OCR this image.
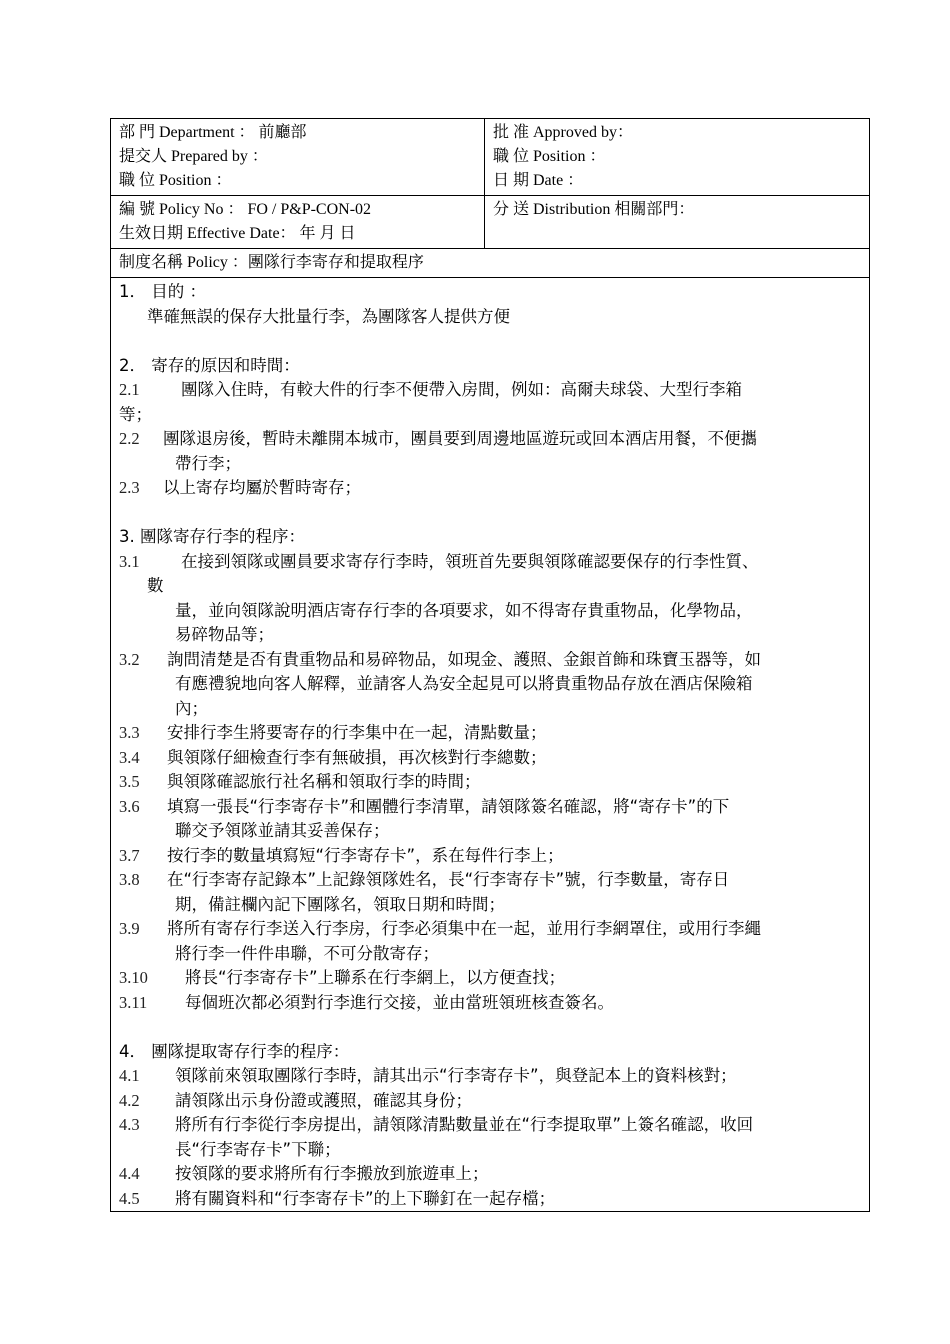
部 門 Department ： 前廳部
提交人 Prepared by ：
職 位 Position ：
批 准 Approved by：
職 位 Position ：
日 期 Date ：
編 號 Policy No ： FO / P&P-CON-02
生效日期 Effective Date： 年 月 日
分 送 Distribution 相關部門：
制度名稱 Policy ：團隊行李寄存和提取程序
1． 目的 ：
準確無誤的保存大批量行李，為團隊客人提供方便
2． 寄存的原因和時間：
2.1	團隊入住時，有較大件的行李不便帶入房間，例如：高爾夫球袋、大型行李箱
等；
2.2 團隊退房後，暫時未離開本城市，團員要到周邊地區遊玩或回本酒店用餐，不便攜
帶行李；
2.3 以上寄存均屬於暫時寄存；
3. 團隊寄存行李的程序：
3.1	在接到領隊或團員要求寄存行李時，領班首先要與領隊確認要保存的行李性質、
數
量，並向領隊說明酒店寄存行李的各項要求，如不得寄存貴重物品，化學物品，
易碎物品等；
3.2 詢問清楚是否有貴重物品和易碎物品，如現金、護照、金銀首飾和珠寶玉器等，如
有應禮貌地向客人解釋，並請客人為安全起見可以將貴重物品存放在酒店保險箱
內；
3.3 安排行李生將要寄存的行李集中在一起，清點數量；
3.4 與領隊仔細檢查行李有無破損，再次核對行李總數；
3.5 與領隊確認旅行社名稱和領取行李的時間；
3.6 填寫一張長“行李寄存卡”和團體行李清單，請領隊簽名確認，將“寄存卡”的下
聯交予領隊並請其妥善保存；
3.7 按行李的數量填寫短“行李寄存卡”，系在每件行李上；
3.8 在“行李寄存記錄本”上記錄領隊姓名，長“行李寄存卡”號，行李數量，寄存日
期，備註欄內記下團隊名，領取日期和時間；
3.9 將所有寄存行李送入行李房，行李必須集中在一起，並用行李網罩住，或用行李繩
將行李一件件串聯，不可分散寄存；
3.10 將長“行李寄存卡”上聯系在行李網上，以方便查找；
3.11 每個班次都必須對行李進行交接，並由當班領班核查簽名。
4． 團隊提取寄存行李的程序：
4.1 領隊前來領取團隊行李時，請其出示“行李寄存卡”，與登記本上的資料核對；
4.2 請領隊出示身份證或護照，確認其身份；
4.3 將所有行李從行李房提出，請領隊清點數量並在“行李提取單”上簽名確認，收回
長“行李寄存卡”下聯；
4.4 按領隊的要求將所有行李搬放到旅遊車上；
4.5 將有關資料和“行李寄存卡”的上下聯釘在一起存檔；
